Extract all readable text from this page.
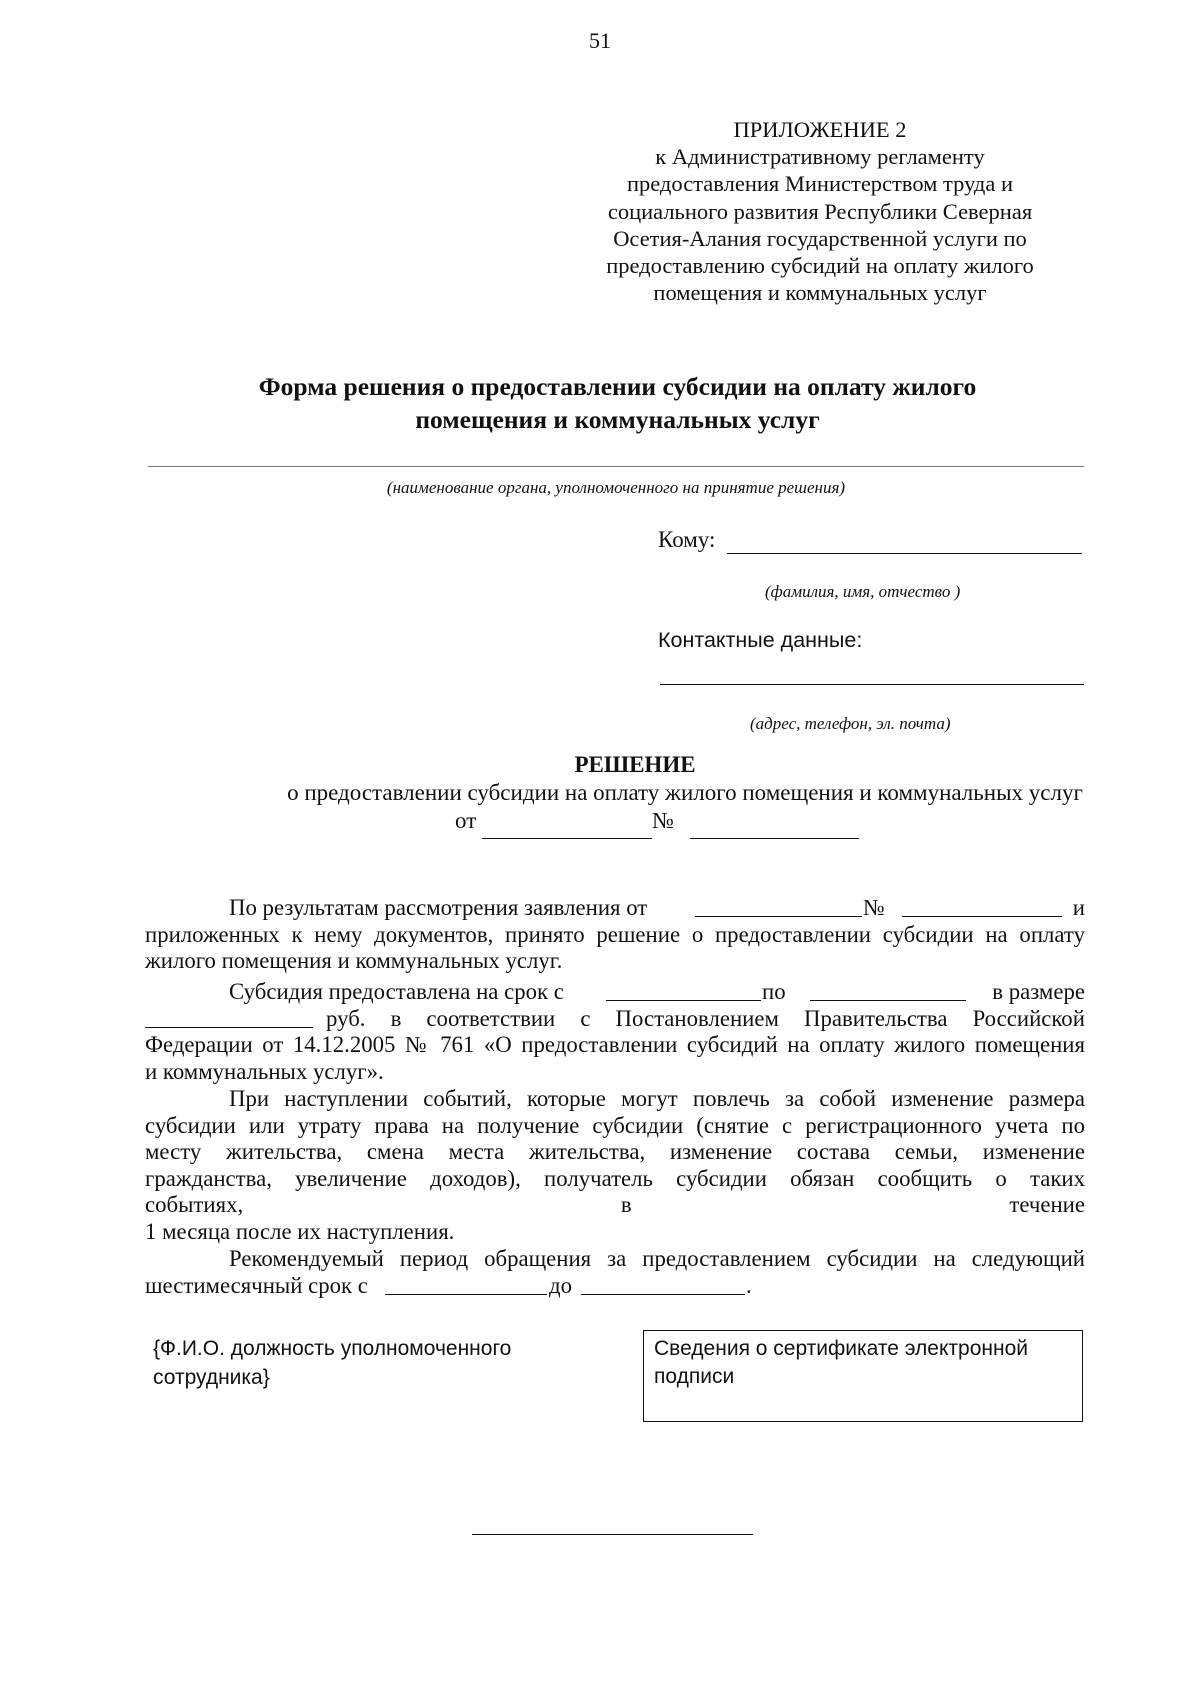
51
ПРИЛОЖЕНИЕ 2
к Административному регламенту
предоставления Министерством труда и
социального развития Республики Северная
Осетия-Алания государственной услуги по
предоставлению субсидий на оплату жилого
помещения и коммунальных услуг
Форма решения о предоставлении субсидии на оплату жилого
помещения и коммунальных услуг
(наименование органа, уполномоченного на принятие решения)
Кому:
(фамилия, имя, отчество )
Контактные данные:
(адрес, телефон, эл. почта)
РЕШЕНИЕ
о предоставлении субсидии на оплату жилого помещения и коммунальных услуг
от	№
По результатам рассмотрения заявления от	№	и
приложенных к нему документов, принято решение о предоставлении субсидии на оплату
жилого помещения и коммунальных услуг.
Субсидия предоставлена на срок с	по	в размере
руб. в соответствии с Постановлением Правительства Российской
Федерации от 14.12.2005 № 761 «О предоставлении субсидий на оплату жилого помещения
и коммунальных услуг».
При наступлении событий, которые могут повлечь за собой изменение размера
субсидии или утрату права на получение субсидии (снятие с регистрационного учета по
месту жительства, смена места жительства, изменение состава семьи, изменение
гражданства, увеличение доходов), получатель субсидии обязан сообщить о таких
событиях,	в	течение
1 месяца после их наступления.
Рекомендуемый период обращения за предоставлением субсидии на следующий
шестимесячный срок с	до	.
{Ф.И.О. должность уполномоченного сотрудника}
Сведения о сертификате электронной подписи
